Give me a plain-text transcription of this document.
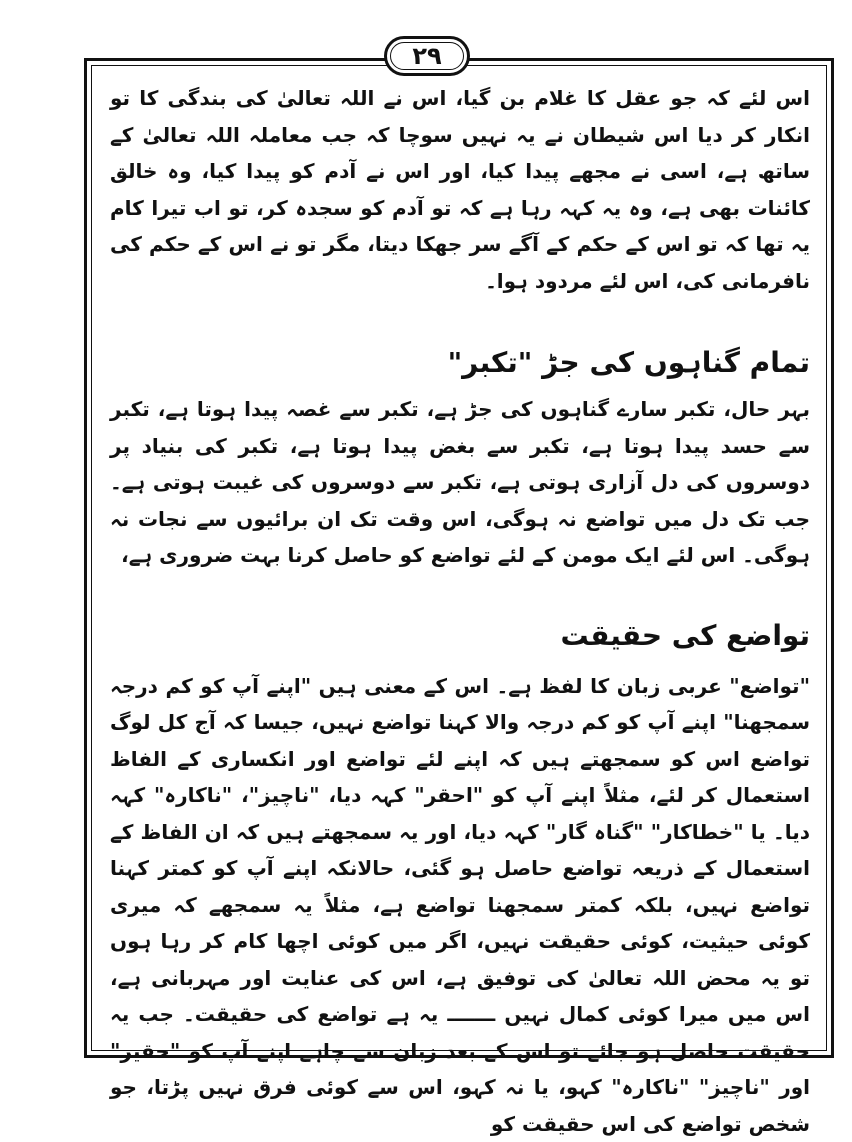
۲۹

اس لئے کہ جو عقل کا غلام بن گیا، اس نے اللہ تعالیٰ کی بندگی کا تو انکار کر دیا اس شیطان نے یہ نہیں سوچا کہ جب معاملہ اللہ تعالیٰ کے ساتھ ہے، اسی نے مجھے پیدا کیا، اور اس نے آدم کو پیدا کیا، وہ خالق کائنات بھی ہے، وہ یہ کہہ رہا ہے کہ تو آدم کو سجدہ کر، تو اب تیرا کام یہ تھا کہ تو اس کے حکم کے آگے سر جھکا دیتا، مگر تو نے اس کے حکم کی نافرمانی کی، اس لئے مردود ہوا۔

تمام گناہوں کی جڑ "تکبر"

بہر حال، تکبر سارے گناہوں کی جڑ ہے، تکبر سے غصہ پیدا ہوتا ہے، تکبر سے حسد پیدا ہوتا ہے، تکبر سے بغض پیدا ہوتا ہے، تکبر کی بنیاد پر دوسروں کی دل آزاری ہوتی ہے، تکبر سے دوسروں کی غیبت ہوتی ہے۔ جب تک دل میں تواضع نہ ہوگی، اس وقت تک ان برائیوں سے نجات نہ ہوگی۔ اس لئے ایک مومن کے لئے تواضع کو حاصل کرنا بہت ضروری ہے،

تواضع کی حقیقت

"تواضع" عربی زبان کا لفظ ہے۔ اس کے معنی ہیں "اپنے آپ کو کم درجہ سمجھنا" اپنے آپ کو کم درجہ والا کہنا تواضع نہیں، جیسا کہ آج کل لوگ تواضع اس کو سمجھتے ہیں کہ اپنے لئے تواضع اور انکساری کے الفاظ استعمال کر لئے، مثلاً اپنے آپ کو "احقر" کہہ دیا، "ناچیز"، "ناکارہ" کہہ دیا۔ یا "خطاکار" "گناہ گار" کہہ دیا، اور یہ سمجھتے ہیں کہ ان الفاظ کے استعمال کے ذریعہ تواضع حاصل ہو گئی، حالانکہ اپنے آپ کو کمتر کہنا تواضع نہیں، بلکہ کمتر سمجھنا تواضع ہے، مثلاً یہ سمجھے کہ میری کوئی حیثیت، کوئی حقیقت نہیں، اگر میں کوئی اچھا کام کر رہا ہوں تو یہ محض اللہ تعالیٰ کی توفیق ہے، اس کی عنایت اور مہربانی ہے، اس میں میرا کوئی کمال نہیں ـــــــ یہ ہے تواضع کی حقیقت۔ جب یہ حقیقت حاصل ہو جائے تو اس کے بعد زبان سے چاہے اپنے آپ کو "حقیر" اور "ناچیز" "ناکارہ" کہو، یا نہ کہو، اس سے کوئی فرق نہیں پڑتا، جو شخص تواضع کی اس حقیقت کو
